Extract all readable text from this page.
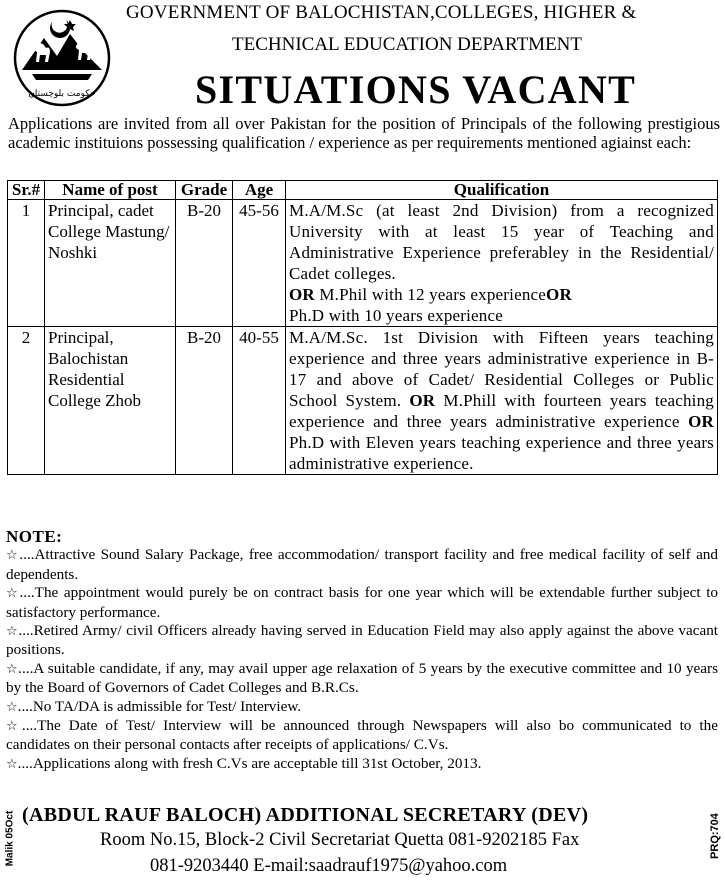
حکومت بلوچستان
GOVERNMENT OF BALOCHISTAN,COLLEGES, HIGHER &
TECHNICAL EDUCATION DEPARTMENT
SITUATIONS VACANT
Applications are invited from all over Pakistan for the position of Principals of the following prestigious academic instituions possessing qualification / experience as per requirements mentioned agiainst each:
Sr.#	Name of post	Grade	Age	Qualification
1	Principal, cadet College Mastung/ Noshki	B-20	45-56	M.A/M.Sc (at least 2nd Division) from a recognized University with at least 15 year of Teaching and Administrative Experience preferabley in the Residential/ Cadet colleges.
OR M.Phil with 12 years experienceOR
Ph.D with 10 years experience
2	Principal, Balochistan Residential College Zhob	B-20	40-55	M.A/M.Sc. 1st Division with Fifteen years teaching experience and three years administrative experience in B-17 and above of Cadet/ Residential Colleges or Public School System. OR M.Phill with fourteen years teaching experience and three years administrative experience OR Ph.D with Eleven years teaching experience and three years administrative experience.
NOTE:
☆....Attractive Sound Salary Package, free accommodation/ transport facility and free medical facility of self and dependents.
☆....The appointment would purely be on contract basis for one year which will be extendable further subject to satisfactory performance.
☆....Retired Army/ civil Officers already having served in Education Field may also apply against the above vacant positions.
☆....A suitable candidate, if any, may avail upper age relaxation of 5 years by the executive committee and 10 years by the Board of Governors of Cadet Colleges and B.R.Cs.
☆....No TA/DA is admissible for Test/ Interview.
☆....The Date of Test/ Interview will be announced through Newspapers will also bo communicated to the candidates on their personal contacts after receipts of applications/ C.Vs.
☆....Applications along with fresh C.Vs are acceptable till 31st October, 2013.
(ABDUL RAUF BALOCH) ADDITIONAL SECRETARY (DEV)
Room No.15, Block-2 Civil Secretariat Quetta 081-9202185 Fax
081-9203440 E-mail:saadrauf1975@yahoo.com
Malik 05Oct	PRQ:704
